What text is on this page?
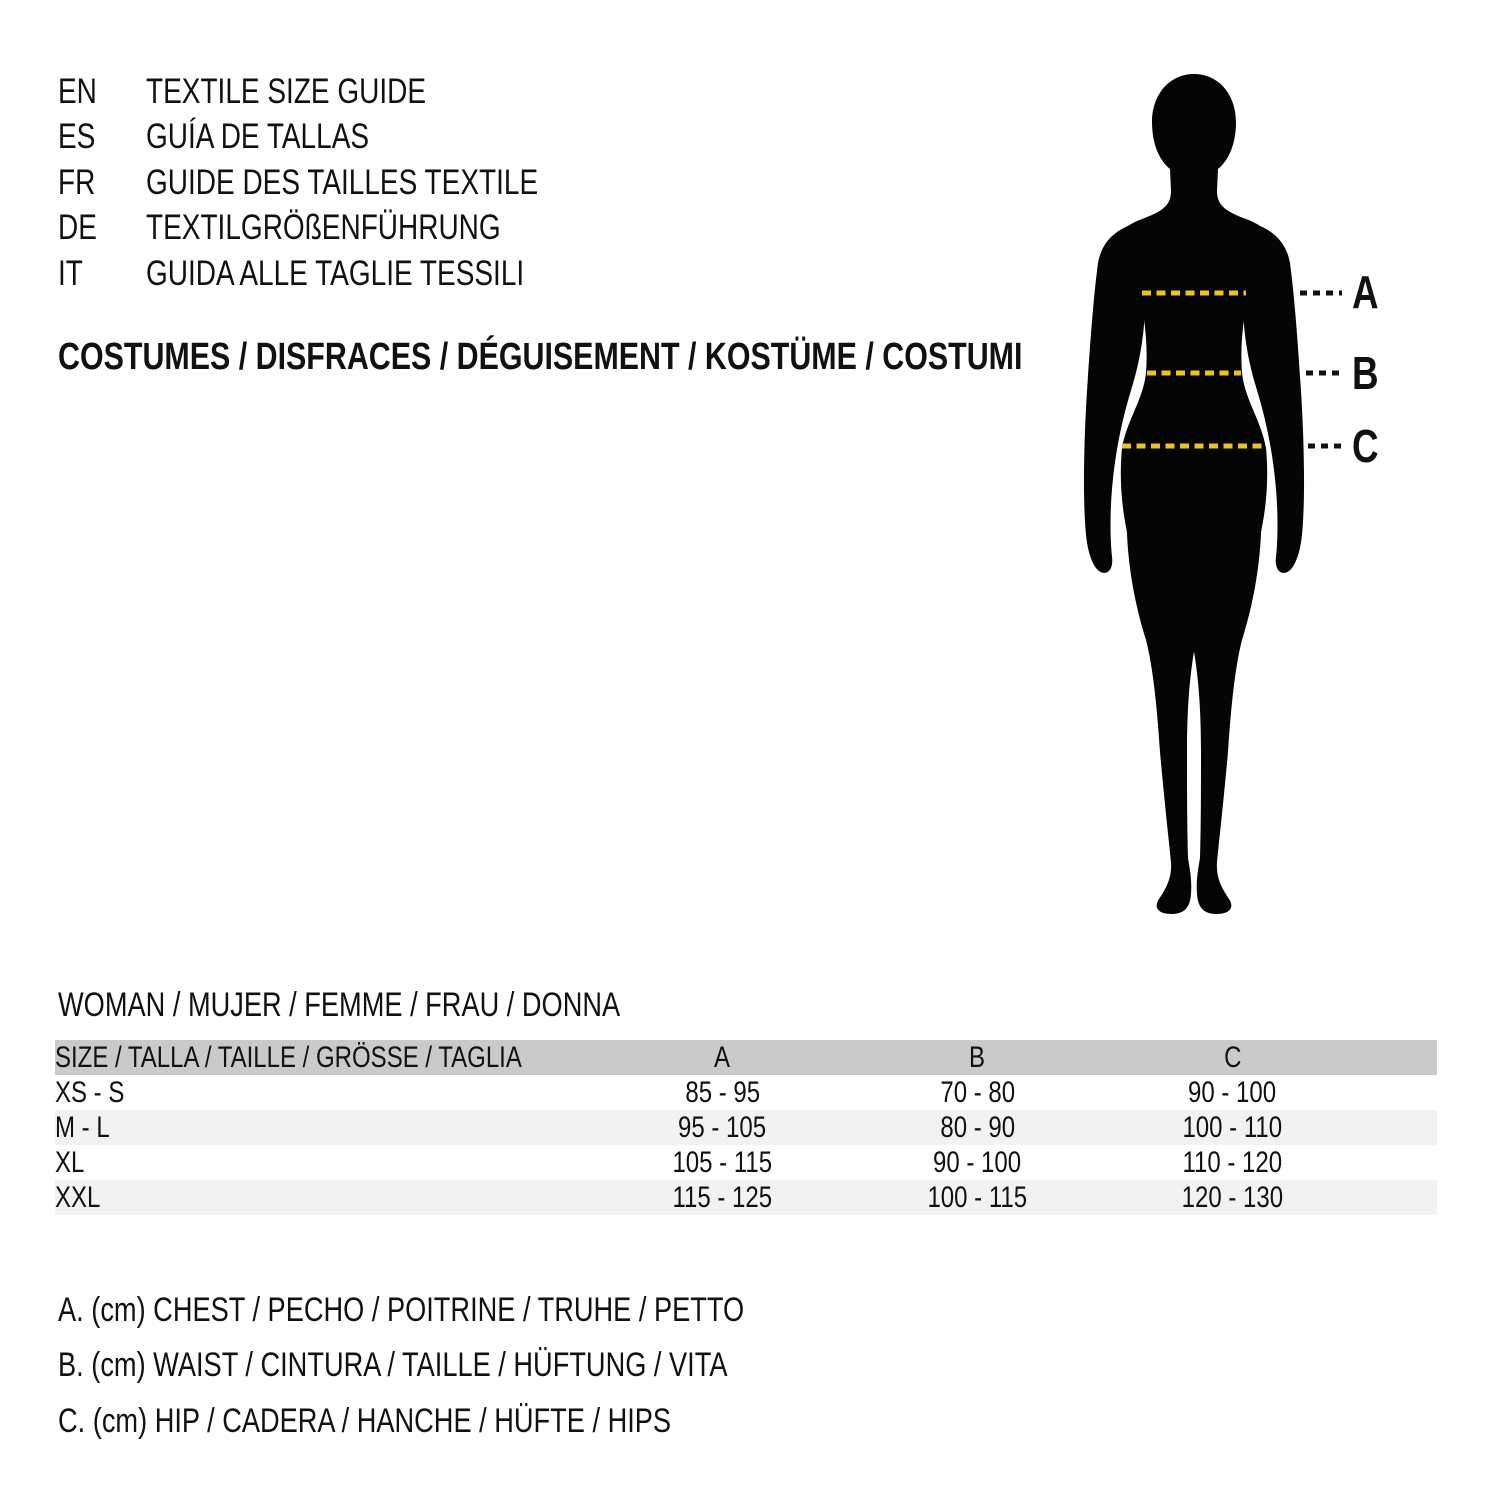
EN	TEXTILE SIZE GUIDE
ES	GUÍA DE TALLAS
FR	GUIDE DES TAILLES TEXTILE
DE	TEXTILGRÖßENFÜHRUNG
IT	GUIDA ALLE TAGLIE TESSILI
COSTUMES / DISFRACES / DÉGUISEMENT / KOSTÜME / COSTUMI
A
B
C
WOMAN / MUJER / FEMME / FRAU / DONNA
SIZE / TALLA / TAILLE / GRÖSSE / TAGLIA	A	B	C	
XS - S	85 - 95	70 - 80	90 - 100	
M - L	95 - 105	80 - 90	100 - 110	
XL	105 - 115	90 - 100	110 - 120	
XXL	115 - 125	100 - 115	120 - 130	
A. (cm) CHEST / PECHO / POITRINE / TRUHE / PETTO
B. (cm) WAIST / CINTURA / TAILLE / HÜFTUNG / VITA
C. (cm) HIP / CADERA / HANCHE / HÜFTE / HIPS
